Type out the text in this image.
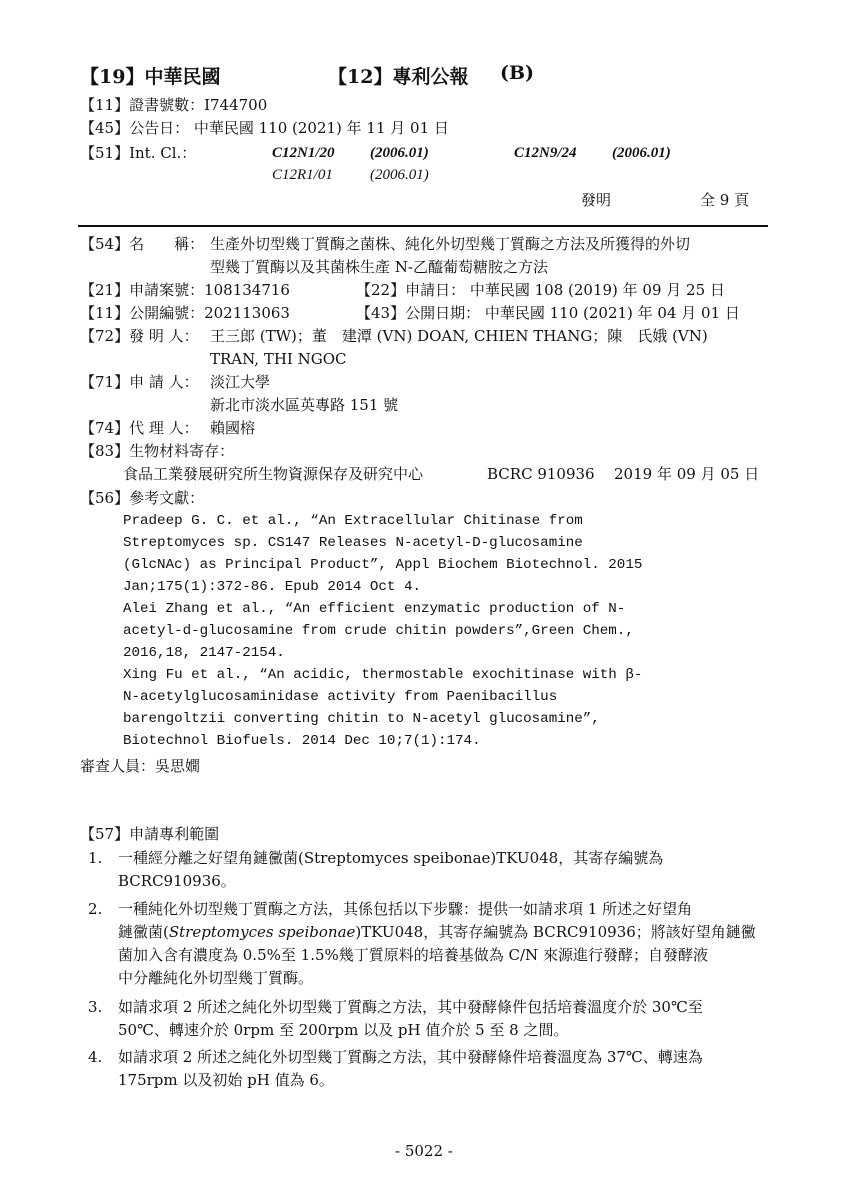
【19】中華民國	【12】專利公報 (B)
【11】證書號數：I744700
【45】公告日： 中華民國 110 (2021) 年 11 月 01 日
【51】Int. Cl.：	C12N1/20 (2006.01)	C12N9/24 (2006.01)
C12R1/01 (2006.01)
發明	全 9 頁
【54】名　　稱： 生產外切型幾丁質酶之菌株、純化外切型幾丁質酶之方法及所獲得的外切
型幾丁質酶以及其菌株生產 N-乙醯葡萄糖胺之方法
【21】申請案號：108134716	【22】申請日： 中華民國 108 (2019) 年 09 月 25 日
【11】公開編號：202113063	【43】公開日期： 中華民國 110 (2021) 年 04 月 01 日
【72】發 明 人： 王三郎 (TW)；董　建潭 (VN) DOAN, CHIEN THANG；陳　氏娥 (VN)
TRAN, THI NGOC
【71】申 請 人： 淡江大學
新北市淡水區英專路 151 號
【74】代 理 人： 賴國榕
【83】生物材料寄存：
食品工業發展研究所生物資源保存及研究中心	BCRC 910936 2019 年 09 月 05 日
【56】參考文獻：
Pradeep G. C. et al., “An Extracellular Chitinase from
Streptomyces sp. CS147 Releases N-acetyl-D-glucosamine
(GlcNAc) as Principal Product”, Appl Biochem Biotechnol. 2015
Jan;175(1):372-86. Epub 2014 Oct 4.
Alei Zhang et al., “An efficient enzymatic production of N-
acetyl-d-glucosamine from crude chitin powders”,Green Chem.,
2016,18, 2147-2154.
Xing Fu et al., “An acidic, thermostable exochitinase with β-
N-acetylglucosaminidase activity from Paenibacillus
barengoltzii converting chitin to N-acetyl glucosamine”,
Biotechnol Biofuels. 2014 Dec 10;7(1):174.
審查人員：吳思嫺
【57】申請專利範圍
1. 一種經分離之好望角鏈黴菌(Streptomyces speibonae)TKU048，其寄存編號為
BCRC910936。
2. 一種純化外切型幾丁質酶之方法，其係包括以下步驟：提供一如請求項 1 所述之好望角
鏈黴菌(Streptomyces speibonae)TKU048，其寄存編號為 BCRC910936；將該好望角鏈黴
菌加入含有濃度為 0.5%至 1.5%幾丁質原料的培養基做為 C/N 來源進行發酵；自發酵液
中分離純化外切型幾丁質酶。
3. 如請求項 2 所述之純化外切型幾丁質酶之方法，其中發酵條件包括培養溫度介於 30℃至
50℃、轉速介於 0rpm 至 200rpm 以及 pH 值介於 5 至 8 之間。
4. 如請求項 2 所述之純化外切型幾丁質酶之方法，其中發酵條件培養溫度為 37℃、轉速為
175rpm 以及初始 pH 值為 6。
- 5022 -
